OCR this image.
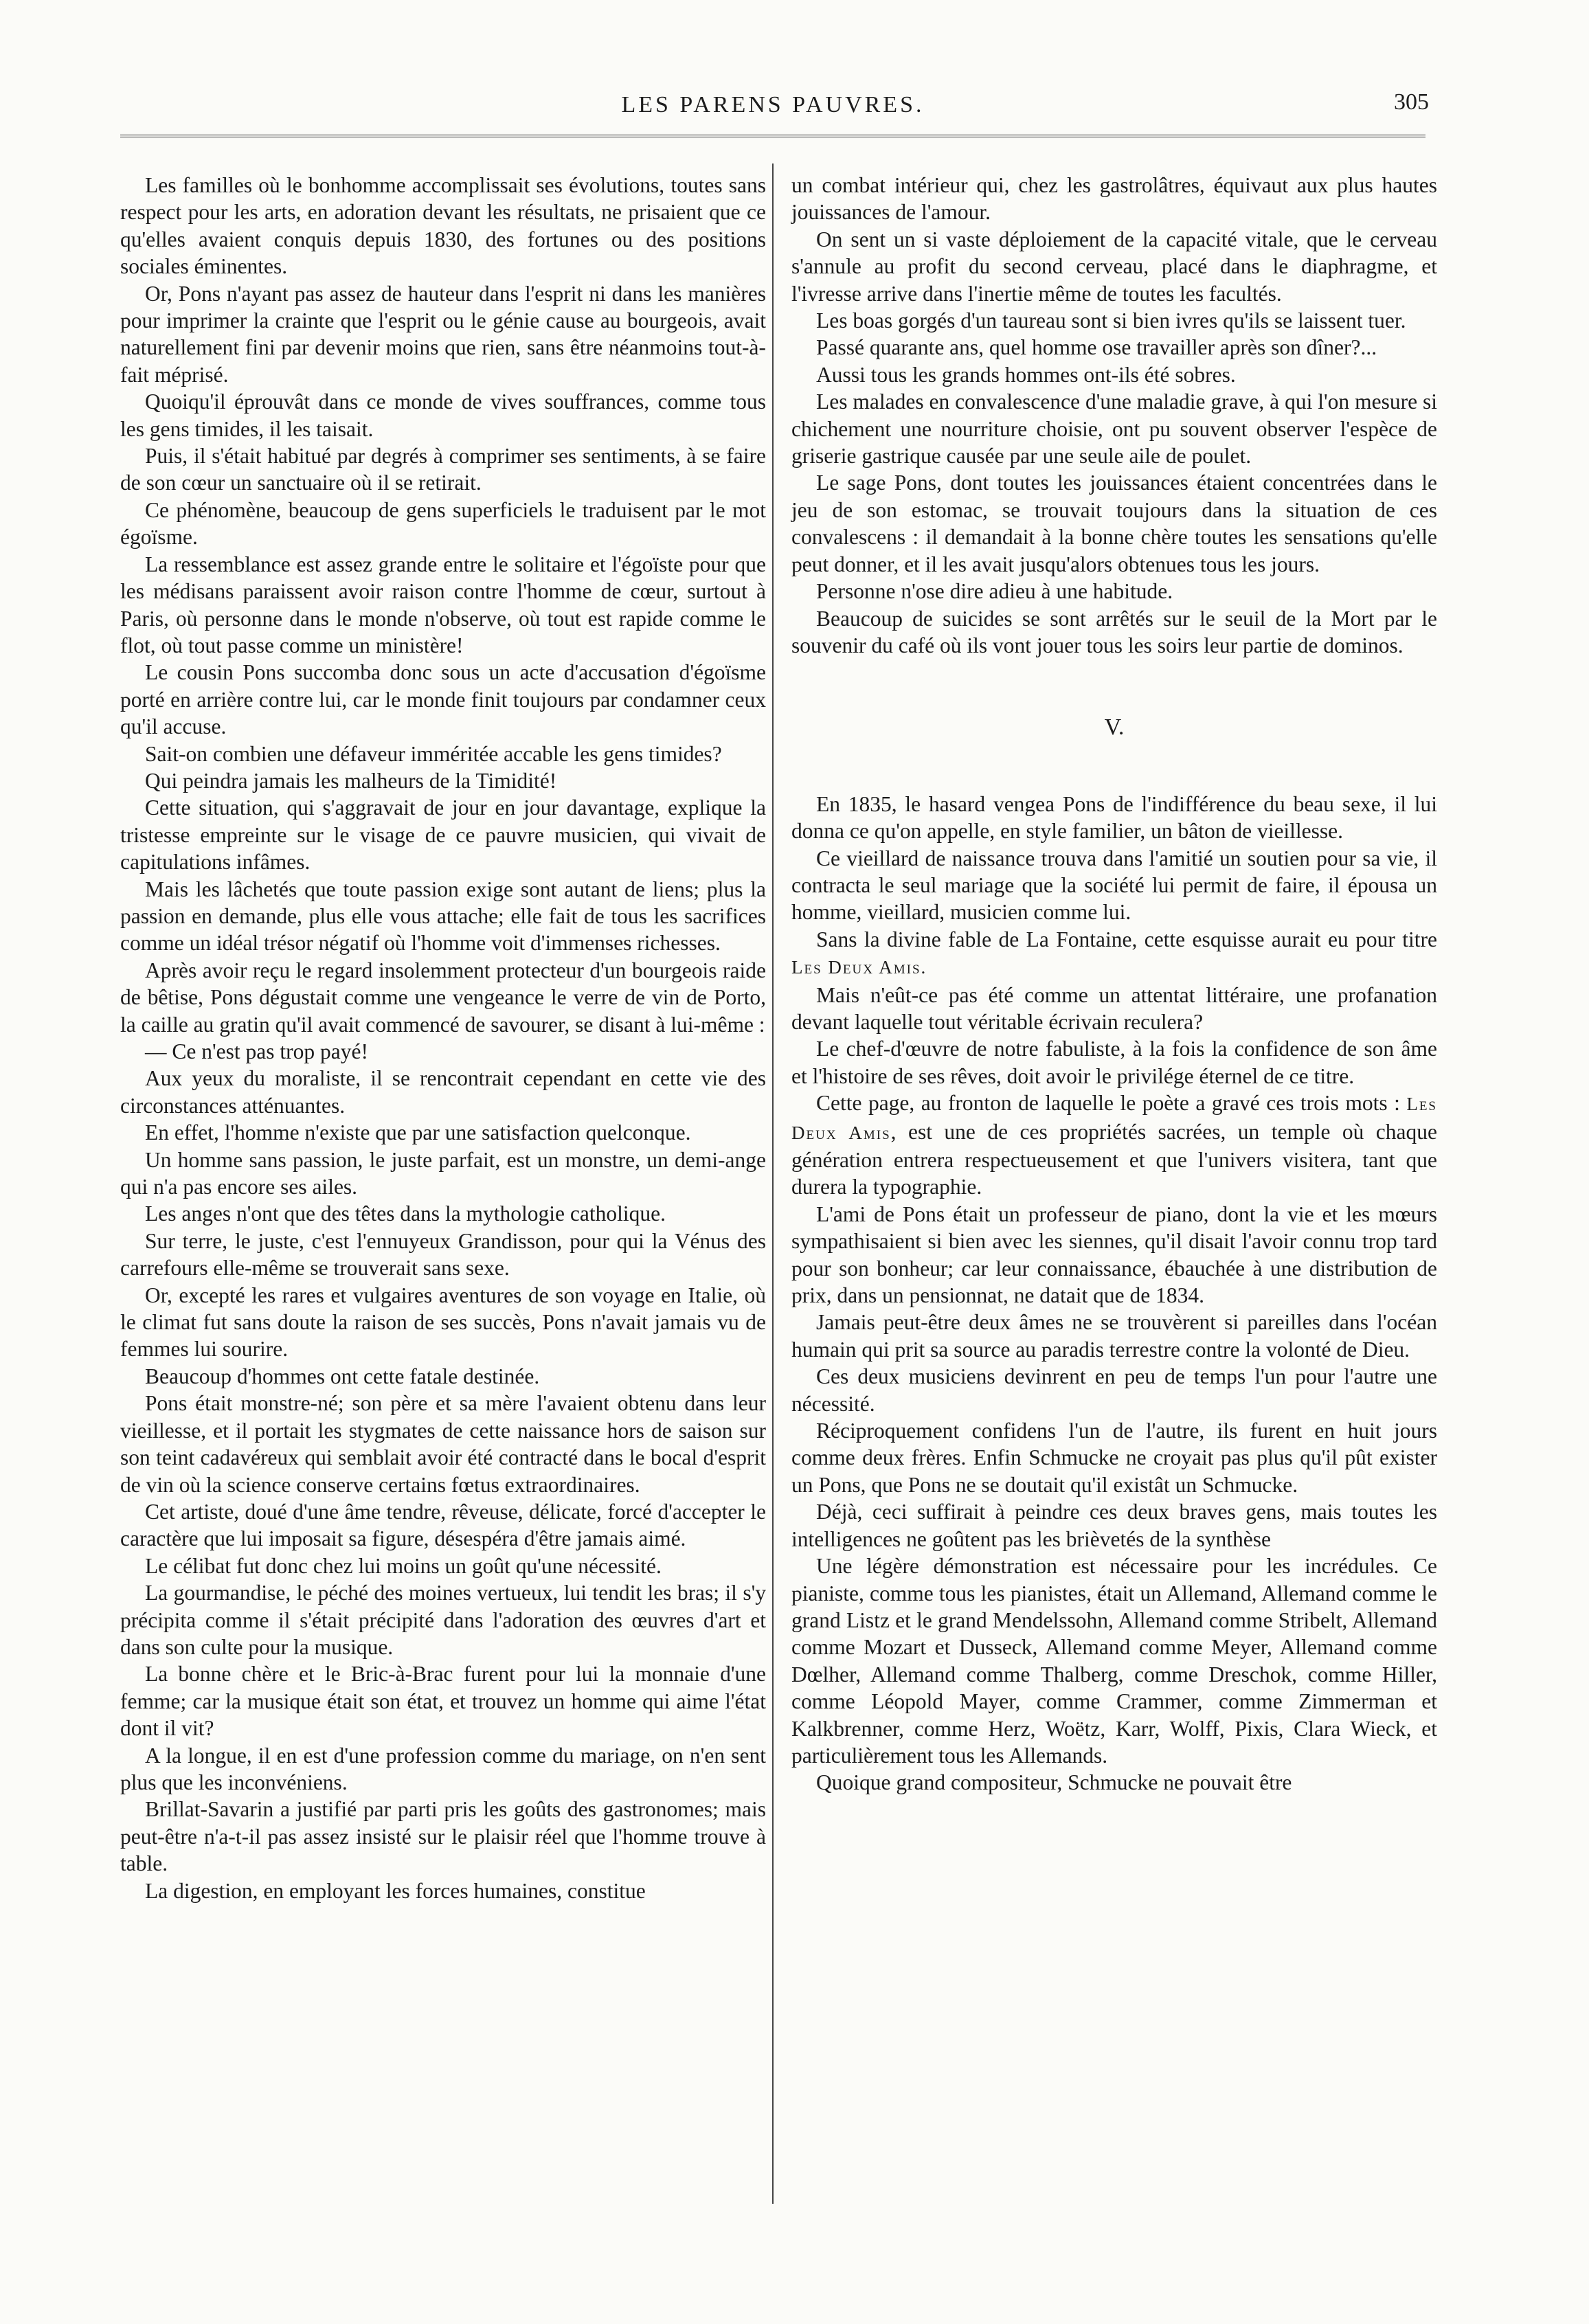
LES PARENS PAUVRES.	305

Les familles où le bonhomme accomplissait ses évolutions, toutes sans respect pour les arts, en adoration devant les résultats, ne prisaient que ce qu'elles avaient conquis depuis 1830, des fortunes ou des positions sociales éminentes.

Or, Pons n'ayant pas assez de hauteur dans l'esprit ni dans les manières pour imprimer la crainte que l'esprit ou le génie cause au bourgeois, avait naturellement fini par devenir moins que rien, sans être néanmoins tout-à-fait méprisé.

Quoiqu'il éprouvât dans ce monde de vives souffrances, comme tous les gens timides, il les taisait.

Puis, il s'était habitué par degrés à comprimer ses sentiments, à se faire de son cœur un sanctuaire où il se retirait.

Ce phénomène, beaucoup de gens superficiels le traduisent par le mot égoïsme.

La ressemblance est assez grande entre le solitaire et l'égoïste pour que les médisans paraissent avoir raison contre l'homme de cœur, surtout à Paris, où personne dans le monde n'observe, où tout est rapide comme le flot, où tout passe comme un ministère!

Le cousin Pons succomba donc sous un acte d'accusation d'égoïsme porté en arrière contre lui, car le monde finit toujours par condamner ceux qu'il accuse.

Sait-on combien une défaveur imméritée accable les gens timides?

Qui peindra jamais les malheurs de la Timidité!

Cette situation, qui s'aggravait de jour en jour davantage, explique la tristesse empreinte sur le visage de ce pauvre musicien, qui vivait de capitulations infâmes.

Mais les lâchetés que toute passion exige sont autant de liens; plus la passion en demande, plus elle vous attache; elle fait de tous les sacrifices comme un idéal trésor négatif où l'homme voit d'immenses richesses.

Après avoir reçu le regard insolemment protecteur d'un bourgeois raide de bêtise, Pons dégustait comme une vengeance le verre de vin de Porto, la caille au gratin qu'il avait commencé de savourer, se disant à lui-même :

— Ce n'est pas trop payé!

Aux yeux du moraliste, il se rencontrait cependant en cette vie des circonstances atténuantes.

En effet, l'homme n'existe que par une satisfaction quelconque.

Un homme sans passion, le juste parfait, est un monstre, un demi-ange qui n'a pas encore ses ailes.

Les anges n'ont que des têtes dans la mythologie catholique.

Sur terre, le juste, c'est l'ennuyeux Grandisson, pour qui la Vénus des carrefours elle-même se trouverait sans sexe.

Or, excepté les rares et vulgaires aventures de son voyage en Italie, où le climat fut sans doute la raison de ses succès, Pons n'avait jamais vu de femmes lui sourire.

Beaucoup d'hommes ont cette fatale destinée.

Pons était monstre-né; son père et sa mère l'avaient obtenu dans leur vieillesse, et il portait les stygmates de cette naissance hors de saison sur son teint cadavéreux qui semblait avoir été contracté dans le bocal d'esprit de vin où la science conserve certains fœtus extraordinaires.

Cet artiste, doué d'une âme tendre, rêveuse, délicate, forcé d'accepter le caractère que lui imposait sa figure, désespéra d'être jamais aimé.

Le célibat fut donc chez lui moins un goût qu'une nécessité.

La gourmandise, le péché des moines vertueux, lui tendit les bras; il s'y précipita comme il s'était précipité dans l'adoration des œuvres d'art et dans son culte pour la musique.

La bonne chère et le Bric-à-Brac furent pour lui la monnaie d'une femme; car la musique était son état, et trouvez un homme qui aime l'état dont il vit?

A la longue, il en est d'une profession comme du mariage, on n'en sent plus que les inconvéniens.

Brillat-Savarin a justifié par parti pris les goûts des gastronomes; mais peut-être n'a-t-il pas assez insisté sur le plaisir réel que l'homme trouve à table.

La digestion, en employant les forces humaines, constitue

un combat intérieur qui, chez les gastrolâtres, équivaut aux plus hautes jouissances de l'amour.

On sent un si vaste déploiement de la capacité vitale, que le cerveau s'annule au profit du second cerveau, placé dans le diaphragme, et l'ivresse arrive dans l'inertie même de toutes les facultés.

Les boas gorgés d'un taureau sont si bien ivres qu'ils se laissent tuer.

Passé quarante ans, quel homme ose travailler après son dîner?...

Aussi tous les grands hommes ont-ils été sobres.

Les malades en convalescence d'une maladie grave, à qui l'on mesure si chichement une nourriture choisie, ont pu souvent observer l'espèce de griserie gastrique causée par une seule aile de poulet.

Le sage Pons, dont toutes les jouissances étaient concentrées dans le jeu de son estomac, se trouvait toujours dans la situation de ces convalescens : il demandait à la bonne chère toutes les sensations qu'elle peut donner, et il les avait jusqu'alors obtenues tous les jours.

Personne n'ose dire adieu à une habitude.

Beaucoup de suicides se sont arrêtés sur le seuil de la Mort par le souvenir du café où ils vont jouer tous les soirs leur partie de dominos.

V.

En 1835, le hasard vengea Pons de l'indifférence du beau sexe, il lui donna ce qu'on appelle, en style familier, un bâton de vieillesse.

Ce vieillard de naissance trouva dans l'amitié un soutien pour sa vie, il contracta le seul mariage que la société lui permit de faire, il épousa un homme, vieillard, musicien comme lui.

Sans la divine fable de La Fontaine, cette esquisse aurait eu pour titre Les Deux Amis.

Mais n'eût-ce pas été comme un attentat littéraire, une profanation devant laquelle tout véritable écrivain reculera?

Le chef-d'œuvre de notre fabuliste, à la fois la confidence de son âme et l'histoire de ses rêves, doit avoir le privilége éternel de ce titre.

Cette page, au fronton de laquelle le poète a gravé ces trois mots : Les Deux Amis, est une de ces propriétés sacrées, un temple où chaque génération entrera respectueusement et que l'univers visitera, tant que durera la typographie.

L'ami de Pons était un professeur de piano, dont la vie et les mœurs sympathisaient si bien avec les siennes, qu'il disait l'avoir connu trop tard pour son bonheur; car leur connaissance, ébauchée à une distribution de prix, dans un pensionnat, ne datait que de 1834.

Jamais peut-être deux âmes ne se trouvèrent si pareilles dans l'océan humain qui prit sa source au paradis terrestre contre la volonté de Dieu.

Ces deux musiciens devinrent en peu de temps l'un pour l'autre une nécessité.

Réciproquement confidens l'un de l'autre, ils furent en huit jours comme deux frères. Enfin Schmucke ne croyait pas plus qu'il pût exister un Pons, que Pons ne se doutait qu'il existât un Schmucke.

Déjà, ceci suffirait à peindre ces deux braves gens, mais toutes les intelligences ne goûtent pas les brièvetés de la synthèse

Une légère démonstration est nécessaire pour les incrédules. Ce pianiste, comme tous les pianistes, était un Allemand, Allemand comme le grand Listz et le grand Mendelssohn, Allemand comme Stribelt, Allemand comme Mozart et Dusseck, Allemand comme Meyer, Allemand comme Dœlher, Allemand comme Thalberg, comme Dreschok, comme Hiller, comme Léopold Mayer, comme Crammer, comme Zimmerman et Kalkbrenner, comme Herz, Woëtz, Karr, Wolff, Pixis, Clara Wieck, et particulièrement tous les Allemands.

Quoique grand compositeur, Schmucke ne pouvait être
